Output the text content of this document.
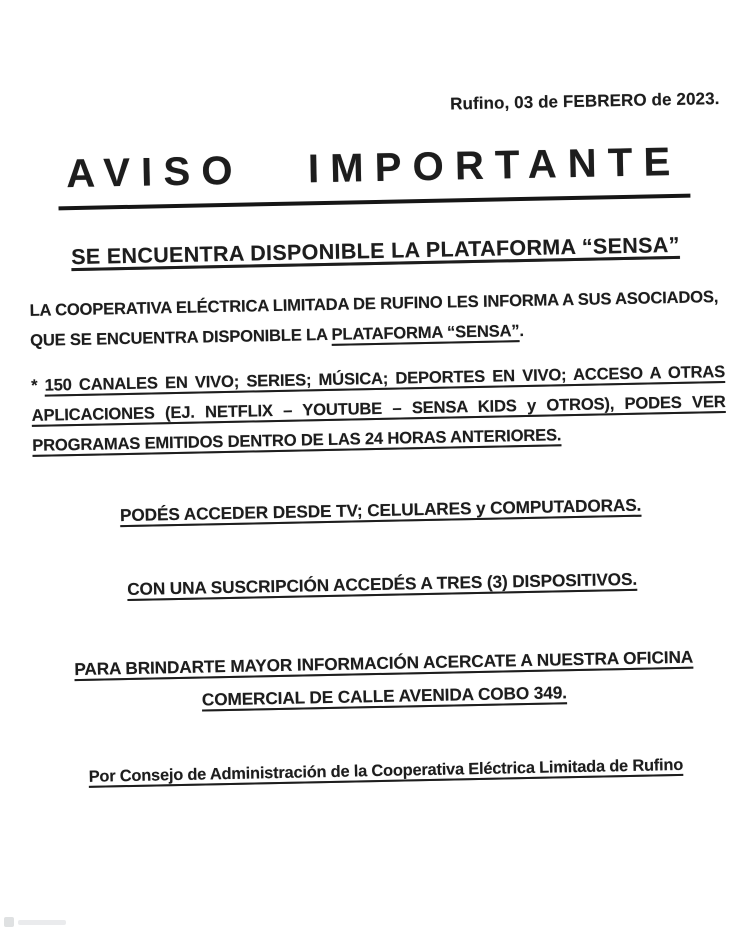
Rufino, 03 de FEBRERO de 2023.
AVISO IMPORTANTE
SE ENCUENTRA DISPONIBLE LA PLATAFORMA “SENSA”
LA COOPERATIVA ELÉCTRICA LIMITADA DE RUFINO LES INFORMA A SUS ASOCIADOS,
QUE SE ENCUENTRA DISPONIBLE LA PLATAFORMA “SENSA”.
* 150 CANALES EN VIVO; SERIES; MÚSICA; DEPORTES EN VIVO; ACCESO A OTRAS
APLICACIONES (EJ. NETFLIX – YOUTUBE – SENSA KIDS y OTROS), PODES VER
PROGRAMAS EMITIDOS DENTRO DE LAS 24 HORAS ANTERIORES.
PODÉS ACCEDER DESDE TV; CELULARES y COMPUTADORAS.
CON UNA SUSCRIPCIÓN ACCEDÉS A TRES (3) DISPOSITIVOS.
PARA BRINDARTE MAYOR INFORMACIÓN ACERCATE A NUESTRA OFICINA
COMERCIAL DE CALLE AVENIDA COBO 349.
Por Consejo de Administración de la Cooperativa Eléctrica Limitada de Rufino
